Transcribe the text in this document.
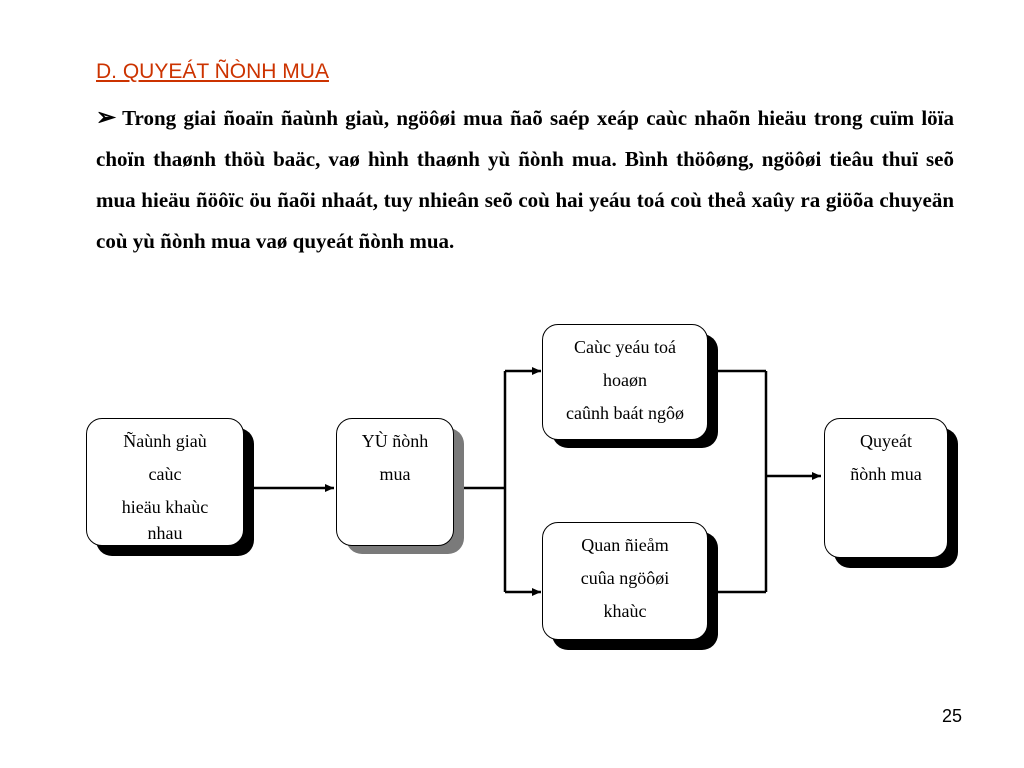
D. QUYEÁT ÑÒNH MUA
➢ Trong giai ñoaïn ñaùnh giaù, ngöôøi mua ñaõ saép xeáp caùc nhaõn hieäu trong cuïm löïa choïn thaønh thöù baäc, vaø hình thaønh yù ñònh mua. Bình thöôøng, ngöôøi tieâu thuï seõ mua hieäu ñöôïc öu ñaõi nhaát, tuy nhieân seõ coù hai yeáu toá coù theå xaûy ra giöõa chuyeän coù yù ñònh mua vaø quyeát ñònh mua.
Ñaùnh giaù
caùc
hieäu khaùc
nhau
YÙ ñònh
mua
Caùc yeáu toá
hoaøn
caûnh baát ngôø
Quan ñieåm
cuûa ngöôøi
khaùc
Quyeát
ñònh mua
25
